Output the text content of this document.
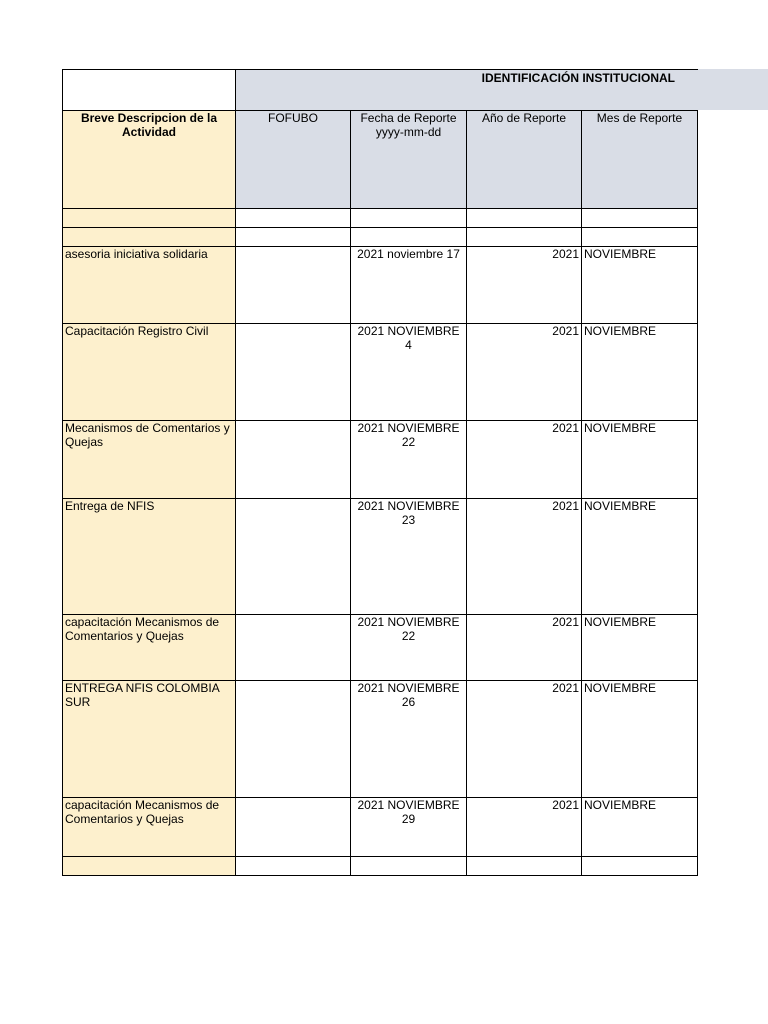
Breve Descripcion de la Actividad	FOFUBO	Fecha de Reporte yyyy-mm-dd	Año de Reporte	Mes de Reporte

asesoria iniciativa solidaria		2021 noviembre 17	2021	NOVIEMBRE
Capacitación Registro Civil		2021 NOVIEMBRE 4	2021	NOVIEMBRE
Mecanismos de Comentarios y Quejas		2021 NOVIEMBRE 22	2021	NOVIEMBRE
Entrega de NFIS		2021 NOVIEMBRE 23	2021	NOVIEMBRE
capacitación Mecanismos de Comentarios y Quejas		2021 NOVIEMBRE 22	2021	NOVIEMBRE
ENTREGA NFIS COLOMBIA SUR		2021 NOVIEMBRE 26	2021	NOVIEMBRE
capacitación Mecanismos de Comentarios y Quejas		2021 NOVIEMBRE 29	2021	NOVIEMBRE

IDENTIFICACIÓN INSTITUCIONAL
